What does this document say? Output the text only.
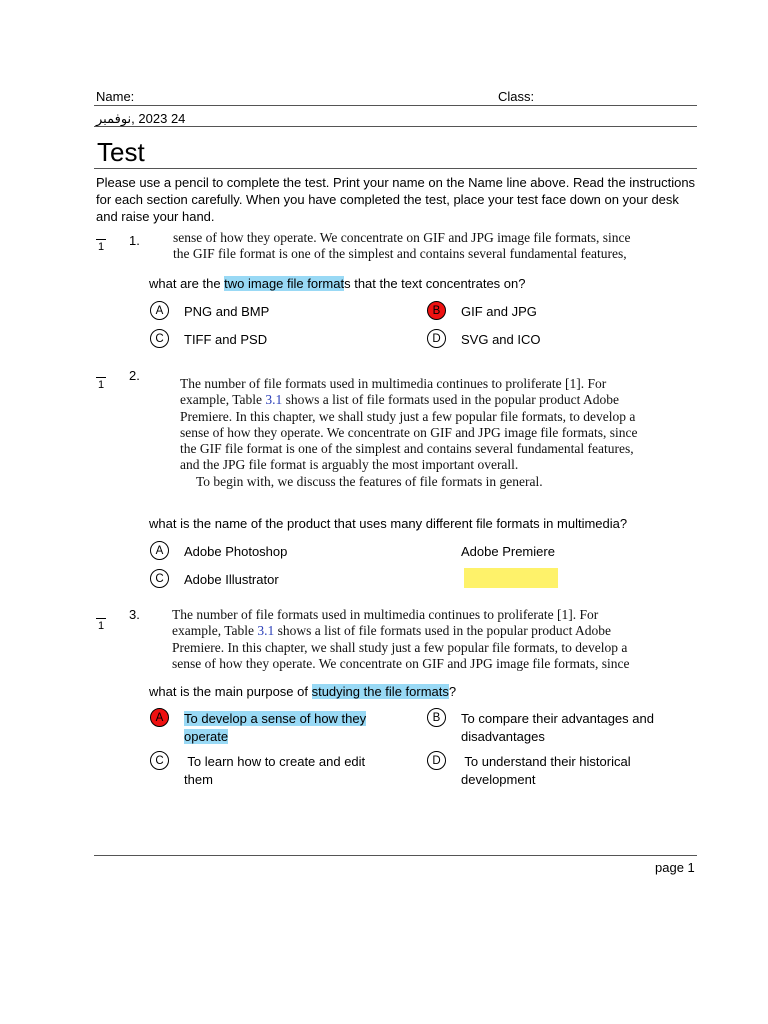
Name:	Class:
24 2023 ,نوفمبر
Test
Please use a pencil to complete the test. Print your name on the Name line above. Read the instructions for each section carefully. When you have completed the test, place your test face down on your desk and raise your hand.
1	1. sense of how they operate. We concentrate on GIF and JPG image file formats, since
the GIF file format is one of the simplest and contains several fundamental features,
what are the two image file formats that the text concentrates on?
A	PNG and BMP	B	GIF and JPG
C	TIFF and PSD	D	SVG and ICO
1
2.
The number of file formats used in multimedia continues to proliferate [1]. For
example, Table 3.1 shows a list of file formats used in the popular product Adobe
Premiere. In this chapter, we shall study just a few popular file formats, to develop a
sense of how they operate. We concentrate on GIF and JPG image file formats, since
the GIF file format is one of the simplest and contains several fundamental features,
and the JPG file format is arguably the most important overall.
To begin with, we discuss the features of file formats in general.
what is the name of the product that uses many different file formats in multimedia?
A	Adobe Photoshop	Adobe Premiere
C	Adobe Illustrator
1
3. The number of file formats used in multimedia continues to proliferate [1]. For
example, Table 3.1 shows a list of file formats used in the popular product Adobe
Premiere. In this chapter, we shall study just a few popular file formats, to develop a
sense of how they operate. We concentrate on GIF and JPG image file formats, since
what is the main purpose of studying the file formats?
A	To develop a sense of how they
operate
B	To compare their advantages and
disadvantages
C	To learn how to create and edit
them
D	To understand their historical
development
page 1
